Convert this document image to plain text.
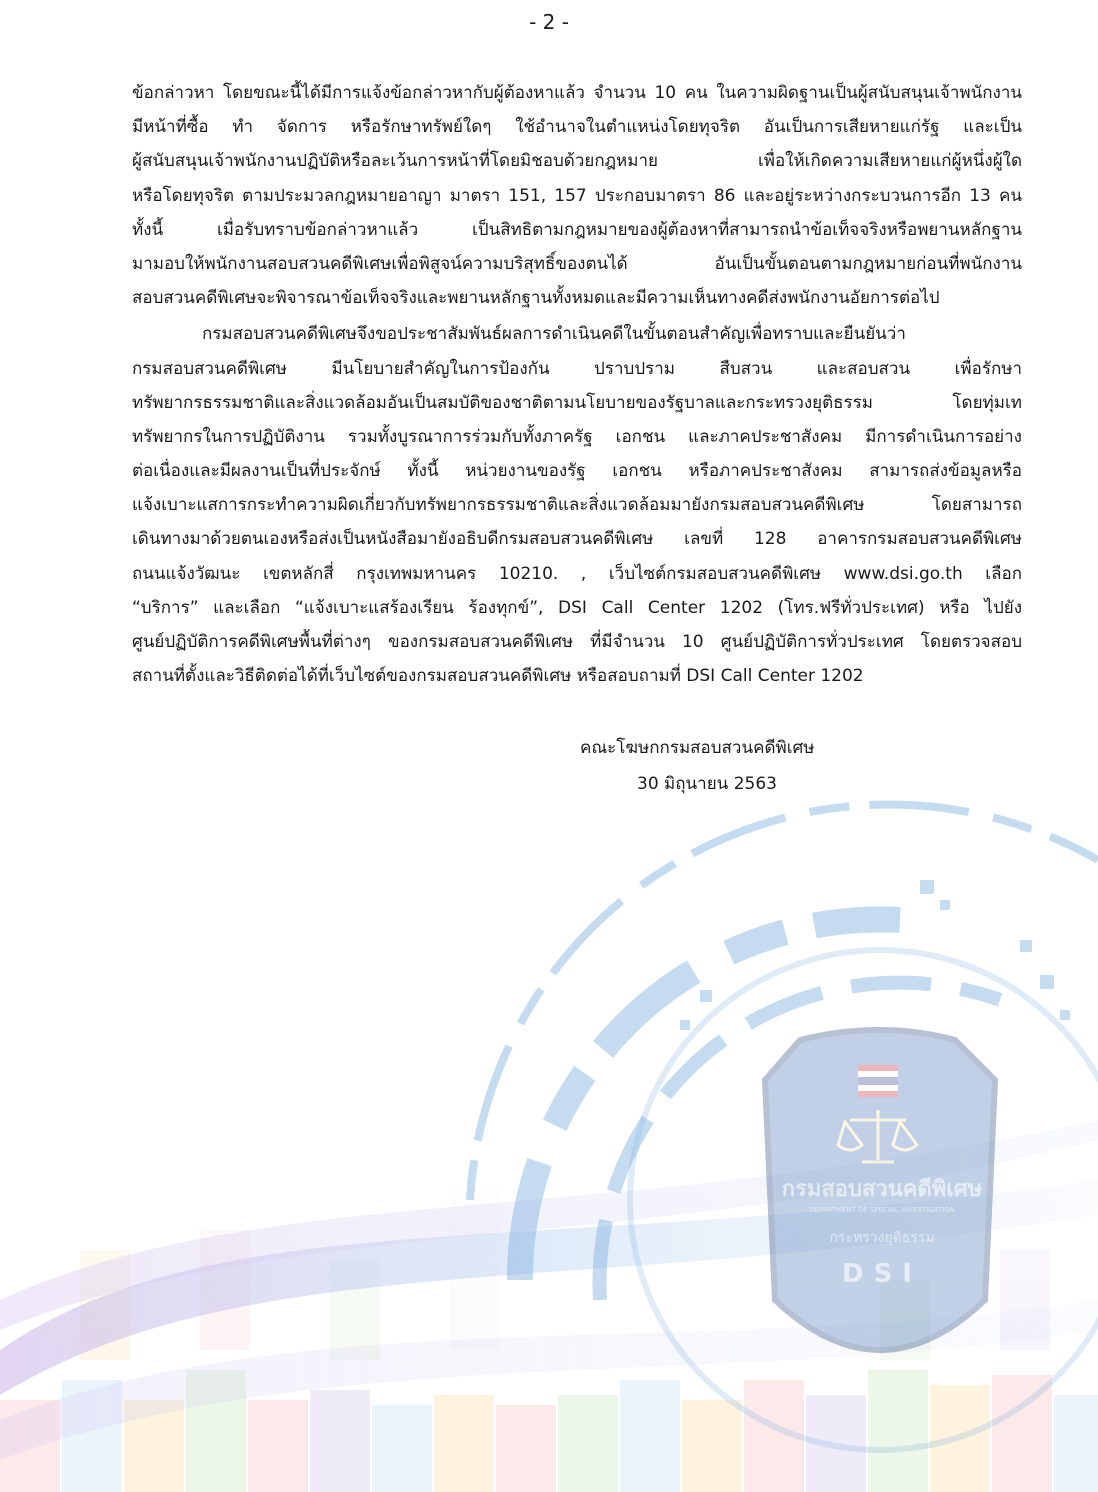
กรมสอบสวนคดีพิเศษ
DEPARTMENT OF SPECIAL INVESTIGATION
กระทรวงยุติธรรม
DSI
- 2 -

ข้อกล่าวหา โดยขณะนี้ได้มีการแจ้งข้อกล่าวหากับผู้ต้องหาแล้ว จำนวน 10 คน ในความผิดฐานเป็นผู้สนับสนุนเจ้าพนักงาน
มีหน้าที่ซื้อ ทำ จัดการ หรือรักษาทรัพย์ใดๆ ใช้อำนาจในตำแหน่งโดยทุจริต อันเป็นการเสียหายแก่รัฐ และเป็น
ผู้สนับสนุนเจ้าพนักงานปฏิบัติหรือละเว้นการหน้าที่โดยมิชอบด้วยกฎหมาย เพื่อให้เกิดความเสียหายแก่ผู้หนึ่งผู้ใด
หรือโดยทุจริต ตามประมวลกฎหมายอาญา มาตรา 151, 157 ประกอบมาตรา 86 และอยู่ระหว่างกระบวนการอีก 13 คน
ทั้งนี้ เมื่อรับทราบข้อกล่าวหาแล้ว เป็นสิทธิตามกฎหมายของผู้ต้องหาที่สามารถนำข้อเท็จจริงหรือพยานหลักฐาน
มามอบให้พนักงานสอบสวนคดีพิเศษเพื่อพิสูจน์ความบริสุทธิ์ของตนได้ อันเป็นขั้นตอนตามกฎหมายก่อนที่พนักงาน
สอบสวนคดีพิเศษจะพิจารณาข้อเท็จจริงและพยานหลักฐานทั้งหมดและมีความเห็นทางคดีส่งพนักงานอัยการต่อไป

กรมสอบสวนคดีพิเศษจึงขอประชาสัมพันธ์ผลการดำเนินคดีในขั้นตอนสำคัญเพื่อทราบและยืนยันว่า
กรมสอบสวนคดีพิเศษ มีนโยบายสำคัญในการป้องกัน ปราบปราม สืบสวน และสอบสวน เพื่อรักษา
ทรัพยากรธรรมชาติและสิ่งแวดล้อมอันเป็นสมบัติของชาติตามนโยบายของรัฐบาลและกระทรวงยุติธรรม โดยทุ่มเท
ทรัพยากรในการปฏิบัติงาน รวมทั้งบูรณาการร่วมกับทั้งภาครัฐ เอกชน และภาคประชาสังคม มีการดำเนินการอย่าง
ต่อเนื่องและมีผลงานเป็นที่ประจักษ์ ทั้งนี้ หน่วยงานของรัฐ เอกชน หรือภาคประชาสังคม สามารถส่งข้อมูลหรือ
แจ้งเบาะแสการกระทำความผิดเกี่ยวกับทรัพยากรธรรมชาติและสิ่งแวดล้อมมายังกรมสอบสวนคดีพิเศษ โดยสามารถ
เดินทางมาด้วยตนเองหรือส่งเป็นหนังสือมายังอธิบดีกรมสอบสวนคดีพิเศษ เลขที่ 128 อาคารกรมสอบสวนคดีพิเศษ
ถนนแจ้งวัฒนะ เขตหลักสี่ กรุงเทพมหานคร 10210. , เว็บไซต์กรมสอบสวนคดีพิเศษ www.dsi.go.th เลือก
“บริการ” และเลือก “แจ้งเบาะแสร้องเรียน ร้องทุกข์”, DSI Call Center 1202 (โทร.ฟรีทั่วประเทศ) หรือ ไปยัง
ศูนย์ปฏิบัติการคดีพิเศษพื้นที่ต่างๆ ของกรมสอบสวนคดีพิเศษ ที่มีจำนวน 10 ศูนย์ปฏิบัติการทั่วประเทศ โดยตรวจสอบ
สถานที่ตั้งและวิธีติดต่อได้ที่เว็บไซต์ของกรมสอบสวนคดีพิเศษ หรือสอบถามที่ DSI Call Center 1202

คณะโฆษกกรมสอบสวนคดีพิเศษ
30 มิถุนายน 2563
